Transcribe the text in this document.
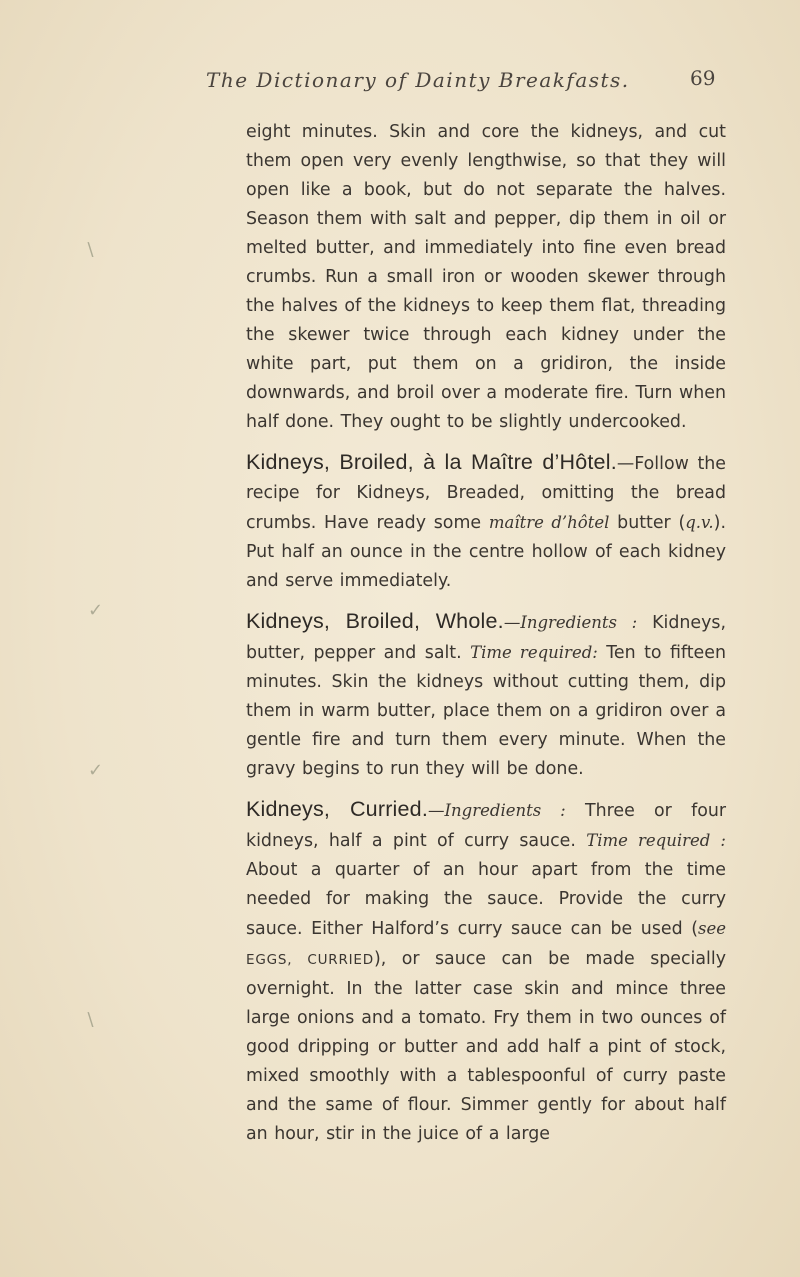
The Dictionary of Dainty Breakfasts.	69
∖
✓
✓
∖

eight minutes. Skin and core the kidneys, and cut them open very evenly lengthwise, so that they will open like a book, but do not separate the halves. Season them with salt and pepper, dip them in oil or melted butter, and immediately into fine even bread crumbs. Run a small iron or wooden skewer through the halves of the kidneys to keep them flat, threading the skewer twice through each kidney under the white part, put them on a gridiron, the inside downwards, and broil over a moderate fire. Turn when half done. They ought to be slightly undercooked.

Kidneys, Broiled, à la Maître d’Hôtel.—Follow the recipe for Kidneys, Breaded, omitting the bread crumbs. Have ready some maître d’hôtel butter (q.v.). Put half an ounce in the centre hollow of each kidney and serve immediately.

Kidneys, Broiled, Whole.—Ingredients : Kidneys, butter, pepper and salt. Time required: Ten to fifteen minutes. Skin the kidneys without cutting them, dip them in warm butter, place them on a gridiron over a gentle fire and turn them every minute. When the gravy begins to run they will be done.

Kidneys, Curried.—Ingredients : Three or four kidneys, half a pint of curry sauce. Time required : About a quarter of an hour apart from the time needed for making the sauce. Provide the curry sauce. Either Halford’s curry sauce can be used (see EGGS, CURRIED), or sauce can be made specially overnight. In the latter case skin and mince three large onions and a tomato. Fry them in two ounces of good dripping or butter and add half a pint of stock, mixed smoothly with a tablespoonful of curry paste and the same of flour. Simmer gently for about half an hour, stir in the juice of a large
